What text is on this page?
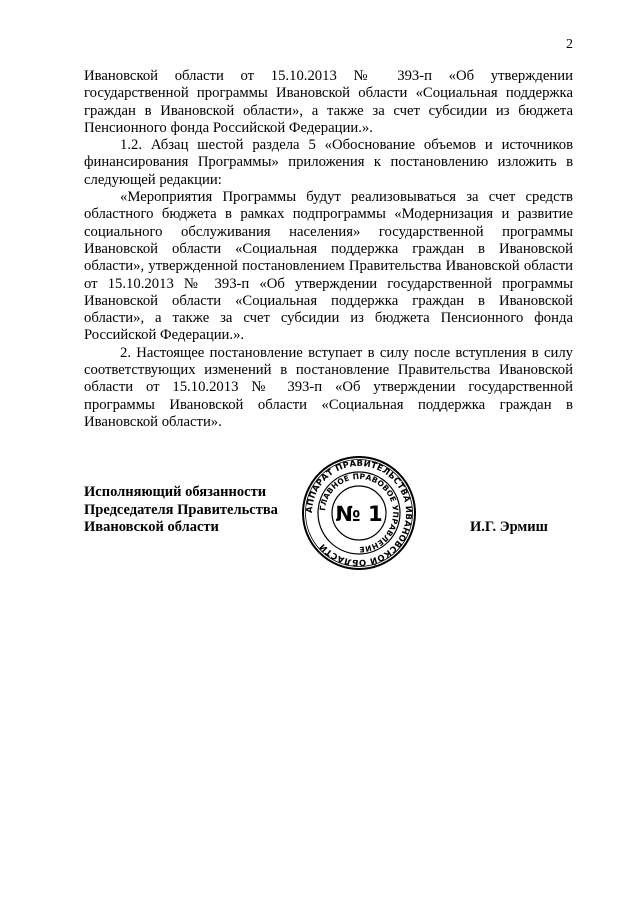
2

Ивановской области от 15.10.2013 № 393-п «Об утверждении государственной программы Ивановской области «Социальная поддержка граждан в Ивановской области», а также за счет субсидии из бюджета Пенсионного фонда Российской Федерации.».

1.2. Абзац шестой раздела 5 «Обоснование объемов и источников финансирования Программы» приложения к постановлению изложить в следующей редакции:

«Мероприятия Программы будут реализовываться за счет средств областного бюджета в рамках подпрограммы «Модернизация и развитие социального обслуживания населения» государственной программы Ивановской области «Социальная поддержка граждан в Ивановской области», утвержденной постановлением Правительства Ивановской области от 15.10.2013 № 393-п «Об утверждении государственной программы Ивановской области «Социальная поддержка граждан в Ивановской области», а также за счет субсидии из бюджета Пенсионного фонда Российской Федерации.».

2. Настоящее постановление вступает в силу после вступления в силу соответствующих изменений в постановление Правительства Ивановской области от 15.10.2013 № 393-п «Об утверждении государственной программы Ивановской области «Социальная поддержка граждан в Ивановской области».

Исполняющий обязанности
Председателя Правительства
Ивановской области
АППАРАТ ПРАВИТЕЛЬСТВА ИВАНОВСКОЙ ОБЛАСТИ
ГЛАВНОЕ ПРАВОВОЕ УПРАВЛЕНИЕ
№ 1
И.Г. Эрмиш
